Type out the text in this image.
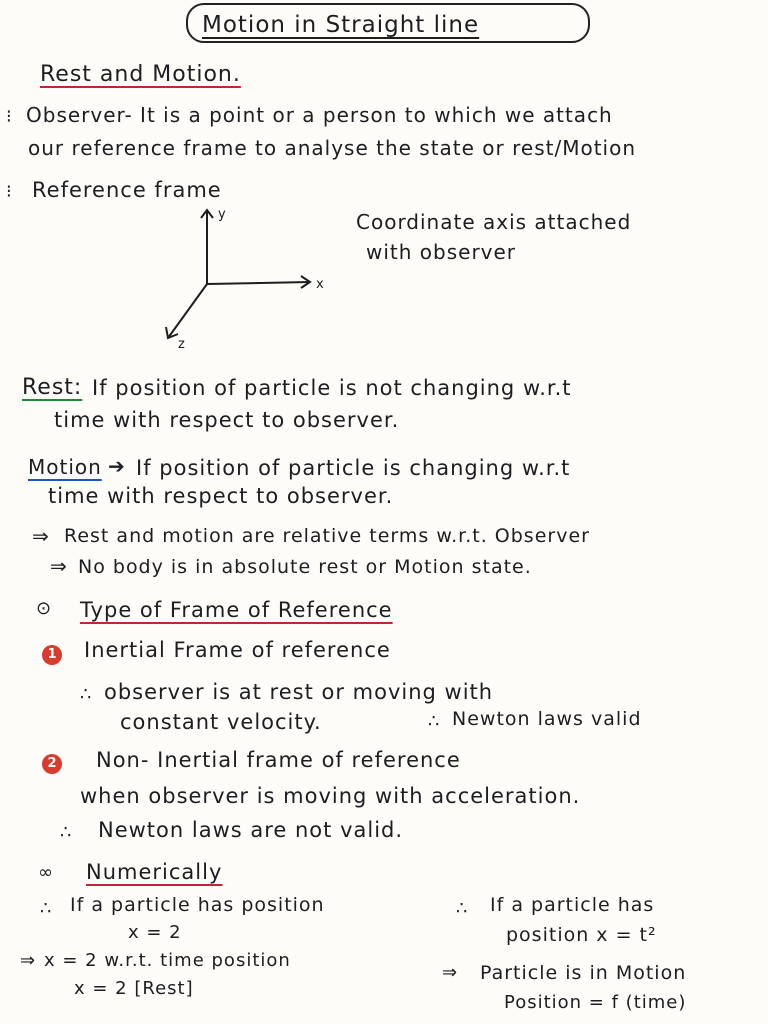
Motion in Straight line
Rest and Motion.
⁝ Observer- It is a point or a person to which we attach
our reference frame to analyse the state or rest/Motion
⁝ Reference frame
y
x
z
Coordinate axis attached
with observer
Rest: If position of particle is not changing w.r.t
time with respect to observer.
Motion ➔ If position of particle is changing w.r.t
time with respect to observer.
⇒ Rest and motion are relative terms w.r.t. Observer
⇒ No body is in absolute rest or Motion state.
⊙ Type of Frame of Reference
1 Inertial Frame of reference
∴ observer is at rest or moving with
constant velocity.	∴ Newton laws valid
2 Non- Inertial frame of reference
when observer is moving with acceleration.
∴ Newton laws are not valid.
∞ Numerically
∴ If a particle has position
x = 2
⇒ x = 2 w.r.t. time position
x = 2 [Rest]
∴ If a particle has
position x = t²
⇒ Particle is in Motion
Position = f (time)
